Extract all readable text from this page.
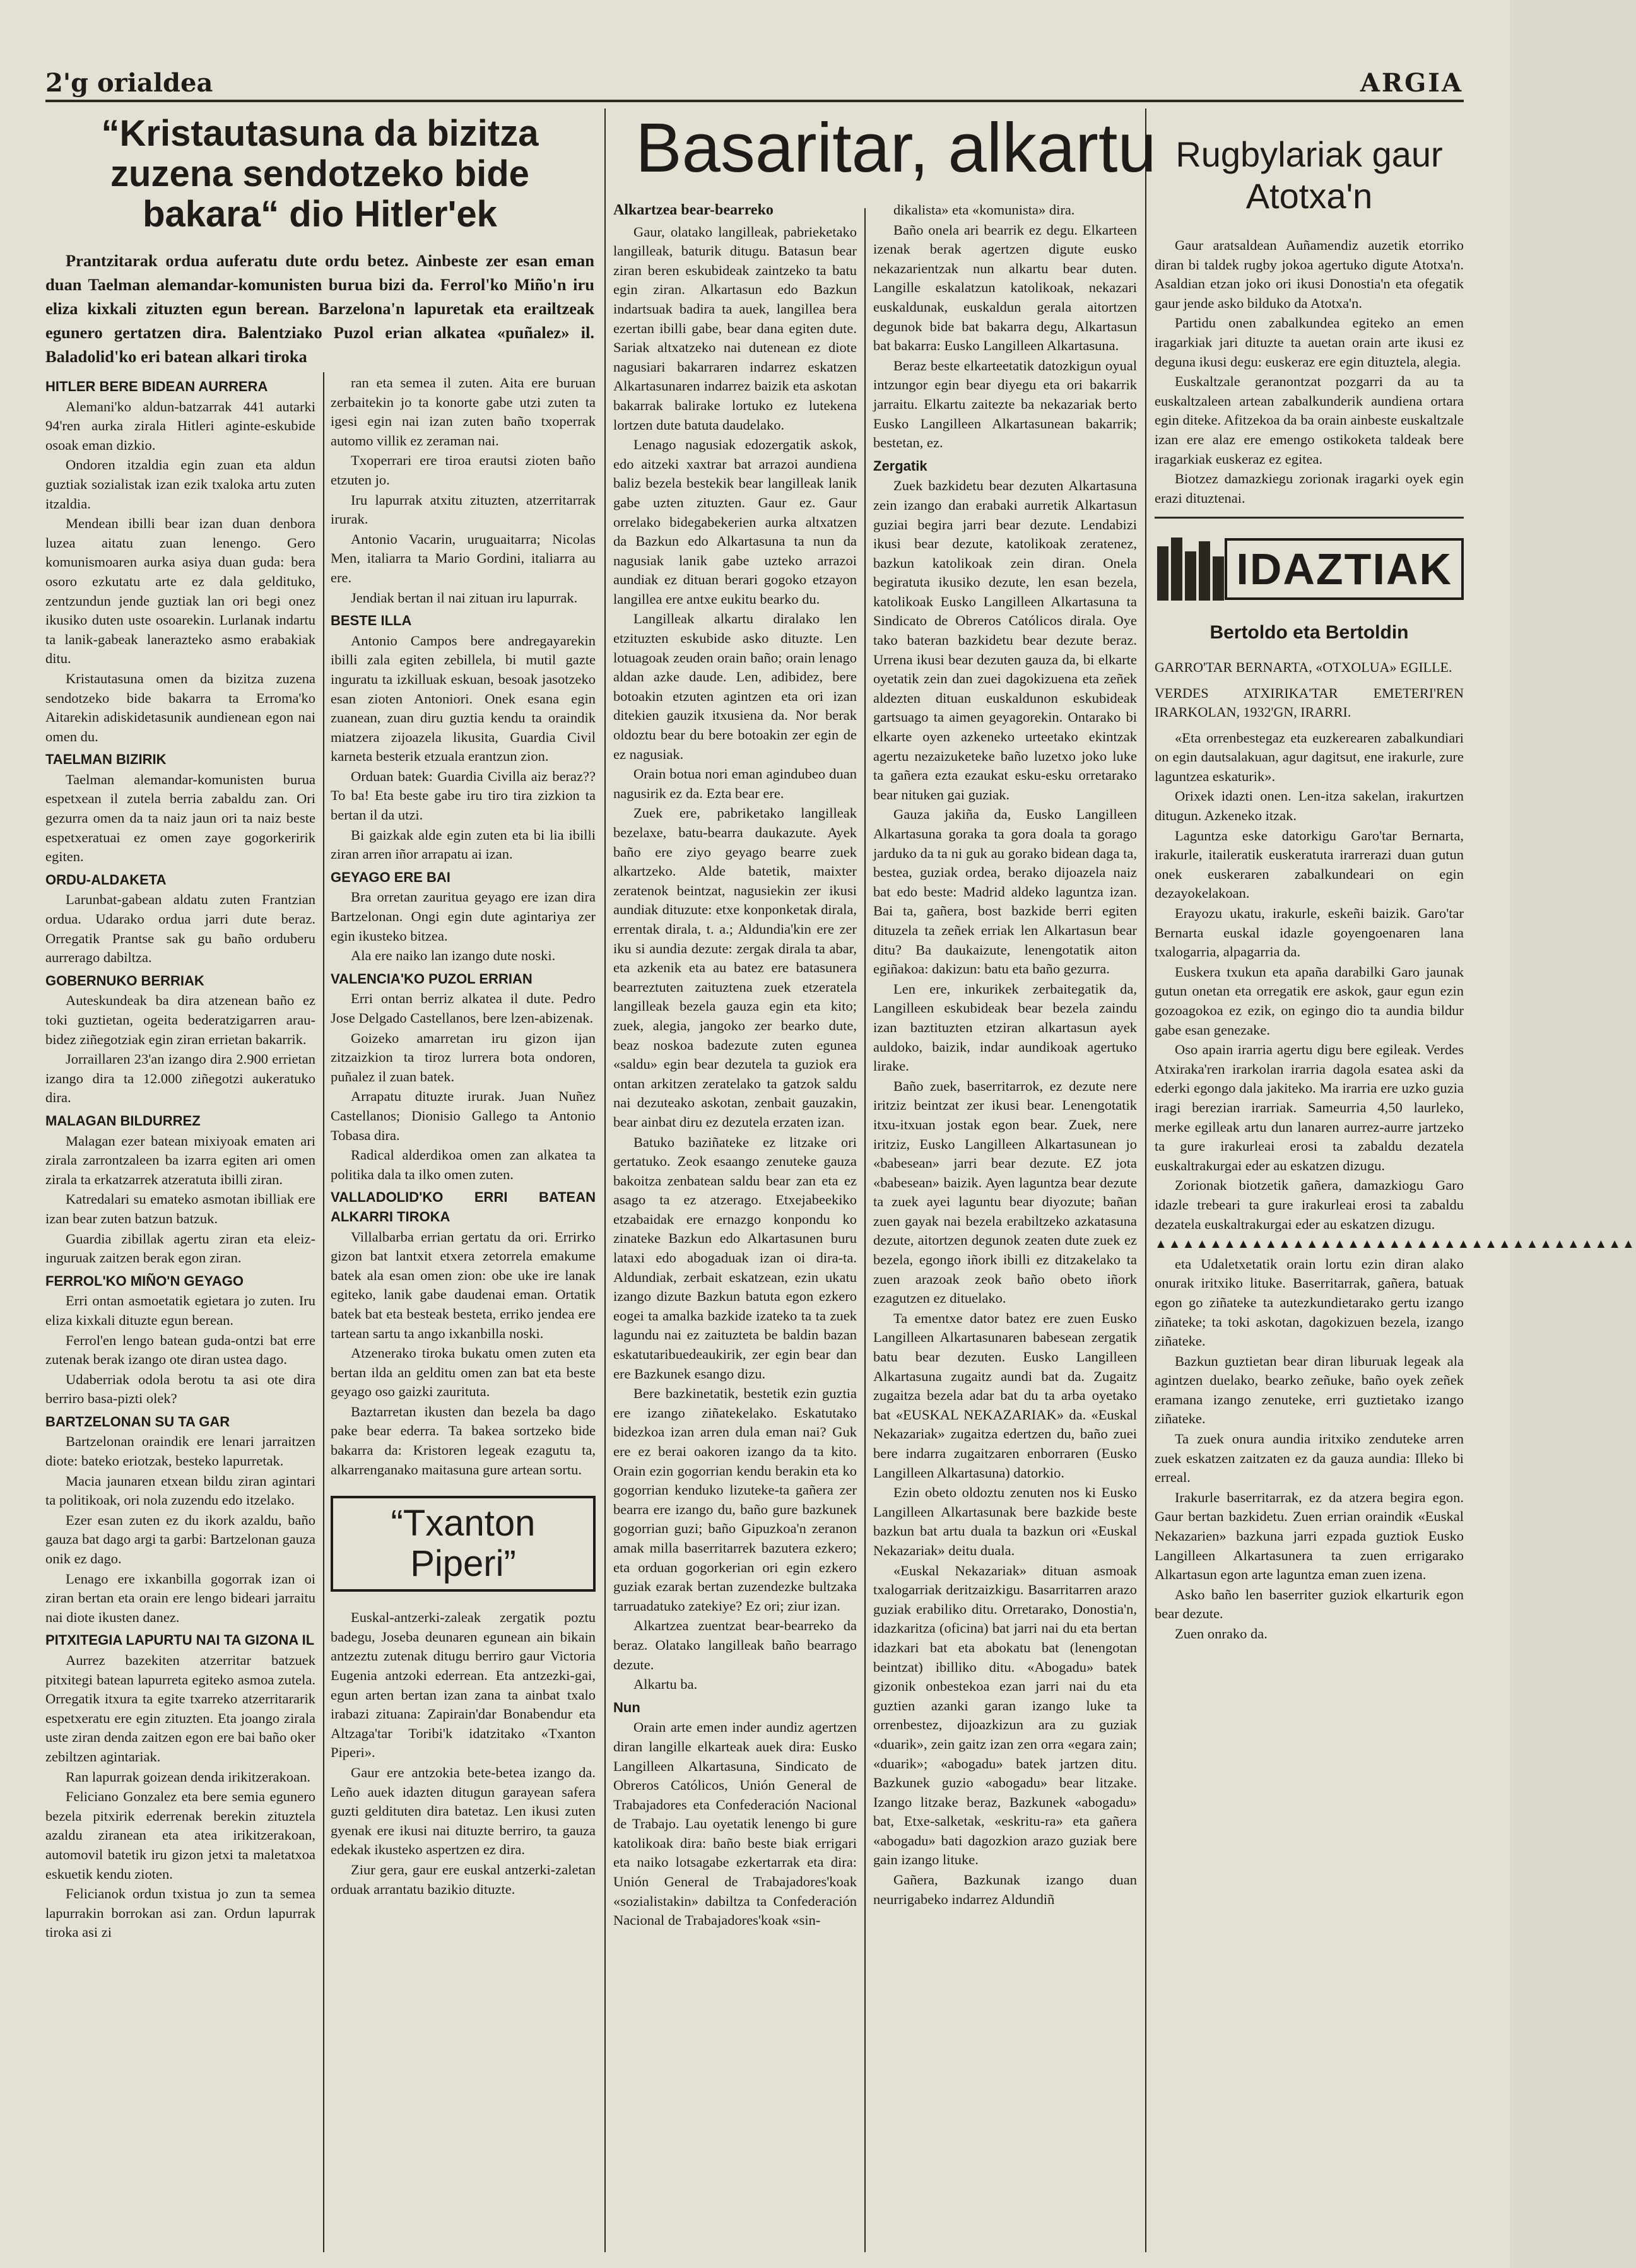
2'g orialdea	ARGIA
“Kristautasuna da bizitza zuzena sendotzeko bide bakara“ dio Hitler'ek
Prantzitarak ordua auferatu dute ordu betez. Ainbeste zer esan eman duan Taelman alemandar-komunisten burua bizi da. Ferrol'ko Miño'n iru eliza kixkali zituzten egun berean. Barzelona'n lapuretak eta erailtzeak egunero gertatzen dira. Balentziako Puzol erian alkatea «puñalez» il. Baladolid'ko eri batean alkari tiroka

HITLER BERE BIDEAN AURRERA

Alemani'ko aldun-batzarrak 441 autarki 94'ren aurka zirala Hitleri aginte-eskubide osoak eman dizkio.

Ondoren itzaldia egin zuan eta aldun guztiak sozialistak izan ezik txaloka artu zuten itzaldia.

Mendean ibilli bear izan duan denbora luzea aitatu zuan lenengo. Gero komunismoaren aurka asiya duan guda: bera osoro ezkutatu arte ez dala geldituko, zentzundun jende guztiak lan ori begi onez ikusiko duten uste osoarekin. Lurlanak indartu ta lanik-gabeak lanerazteko asmo erabakiak ditu.

Kristautasuna omen da bizitza zuzena sendotzeko bide bakarra ta Erroma'ko Aitarekin adiskidetasunik aundienean egon nai omen du.

TAELMAN BIZIRIK

Taelman alemandar-komunisten burua espetxean il zutela berria zabaldu zan. Ori gezurra omen da ta naiz jaun ori ta naiz beste espetxeratuai ez omen zaye gogorkeririk egiten.

ORDU-ALDAKETA

Larunbat-gabean aldatu zuten Frantzian ordua. Udarako ordua jarri dute beraz. Orregatik Prantse sak gu baño orduberu aurrerago dabiltza.

GOBERNUKO BERRIAK

Auteskundeak ba dira atzenean baño ez toki guztietan, ogeita bederatzigarren arau-bidez ziñegotziak egin ziran errietan bakarrik.

Jorraillaren 23'an izango dira 2.900 errietan izango dira ta 12.000 ziñegotzi aukeratuko dira.

MALAGAN BILDURREZ

Malagan ezer batean mixiyoak ematen ari zirala zarrontzaleen ba izarra egiten ari omen zirala ta erkatzarrek atzeratuta ibilli ziran.

Katredalari su emateko asmotan ibilliak ere izan bear zuten batzun batzuk.

Guardia zibillak agertu ziran eta eleiz-inguruak zaitzen berak egon ziran.

FERROL'KO MIÑO'N GEYAGO

Erri ontan asmoetatik egietara jo zuten. Iru eliza kixkali dituzte egun berean.

Ferrol'en lengo batean guda-ontzi bat erre zutenak berak izango ote diran ustea dago.

Udaberriak odola berotu ta asi ote dira berriro basa-pizti olek?

BARTZELONAN SU TA GAR

Bartzelonan oraindik ere lenari jarraitzen diote: bateko eriotzak, besteko lapurretak.

Macia jaunaren etxean bildu ziran agintari ta politikoak, ori nola zuzendu edo itzelako.

Ezer esan zuten ez du ikork azaldu, baño gauza bat dago argi ta garbi: Bartzelonan gauza onik ez dago.

Lenago ere ixkanbilla gogorrak izan oi ziran bertan eta orain ere lengo bideari jarraitu nai diote ikusten danez.

PITXITEGIA LAPURTU NAI TA GIZONA IL

Aurrez bazekiten atzerritar batzuek pitxitegi batean lapurreta egiteko asmoa zutela. Orregatik itxura ta egite txarreko atzerritararik espetxeratu ere egin zituzten. Eta joango zirala uste ziran denda zaitzen egon ere bai baño oker zebiltzen agintariak.

Ran lapurrak goizean denda irikitzerakoan.

Feliciano Gonzalez eta bere semia egunero bezela pitxirik ederrenak berekin zituztela azaldu ziranean eta atea irikitzerakoan, automovil batetik iru gizon jetxi ta maletatxoa eskuetik kendu zioten.

Felicianok ordun txistua jo zun ta semea lapurrakin borrokan asi zan. Ordun lapurrak tiroka asi zi

ran eta semea il zuten. Aita ere buruan zerbaitekin jo ta konorte gabe utzi zuten ta igesi egin nai izan zuten baño txoperrak automo villik ez zeraman nai.

Txoperrari ere tiroa erautsi zioten baño etzuten jo.

Iru lapurrak atxitu zituzten, atzerritarrak irurak.

Antonio Vacarin, uruguaitarra; Nicolas Men, italiarra ta Mario Gordini, italiarra au ere.

Jendiak bertan il nai zituan iru lapurrak.

BESTE ILLA

Antonio Campos bere andregayarekin ibilli zala egiten zebillela, bi mutil gazte inguratu ta izkilluak eskuan, besoak jasotzeko esan zioten Antoniori. Onek esana egin zuanean, zuan diru guztia kendu ta oraindik miatzera zijoazela likusita, Guardia Civil karneta besterik etzuala erantzun zion.

Orduan batek: Guardia Civilla aiz beraz?? To ba! Eta beste gabe iru tiro tira zizkion ta bertan il da utzi.

Bi gaizkak alde egin zuten eta bi lia ibilli ziran arren iñor arrapatu ai izan.

GEYAGO ERE BAI

Bra orretan zauritua geyago ere izan dira Bartzelonan. Ongi egin dute agintariya zer egin ikusteko bitzea.

Ala ere naiko lan izango dute noski.

VALENCIA'KO PUZOL ERRIAN

Erri ontan berriz alkatea il dute. Pedro Jose Delgado Castellanos, bere lzen-abizenak.

Goizeko amarretan iru gizon ijan zitzaizkion ta tiroz lurrera bota ondoren, puñalez il zuan batek.

Arrapatu dituzte irurak. Juan Nuñez Castellanos; Dionisio Gallego ta Antonio Tobasa dira.

Radical alderdikoa omen zan alkatea ta politika dala ta ilko omen zuten.

VALLADOLID'KO ERRI BATEAN ALKARRI TIROKA

Villalbarba errian gertatu da ori. Errirko gizon bat lantxit etxera zetorrela emakume batek ala esan omen zion: obe uke ire lanak egiteko, lanik gabe daudenai eman. Ortatik batek bat eta besteak besteta, erriko jendea ere tartean sartu ta ango ixkanbilla noski.

Atzenerako tiroka bukatu omen zuten eta bertan ilda an gelditu omen zan bat eta beste geyago oso gaizki zaurituta.

Baztarretan ikusten dan bezela ba dago pake bear ederra. Ta bakea sortzeko bide bakarra da: Kristoren legeak ezagutu ta, alkarrenganako maitasuna gure artean sortu.

“Txanton Piperi”

Euskal-antzerki-zaleak zergatik poztu badegu, Joseba deunaren egunean ain bikain antzeztu zutenak ditugu berriro gaur Victoria Eugenia antzoki ederrean. Eta antzezki-gai, egun arten bertan izan zana ta ainbat txalo irabazi zituana: Zapirain'dar Bonabendur eta Altzaga'tar Toribi'k idatzitako «Txanton Piperi».

Gaur ere antzokia bete-betea izango da. Leño auek idazten ditugun garayean safera guzti geldituten dira batetaz. Len ikusi zuten gyenak ere ikusi nai dituzte berriro, ta gauza edekak ikusteko aspertzen ez dira.

Ziur gera, gaur ere euskal antzerki-zaletan orduak arrantatu bazikio dituzte.

Basaritar, alkartu

Alkartzea bear-bearreko

Gaur, olatako langilleak, pabrieketako langilleak, baturik ditugu. Batasun bear ziran beren eskubideak zaintzeko ta batu egin ziran. Alkartasun edo Bazkun indartsuak badira ta auek, langillea bera ezertan ibilli gabe, bear dana egiten dute. Sariak altxatzeko nai dutenean ez diote nagusiari bakarraren indarrez eskatzen Alkartasunaren indarrez baizik eta askotan bakarrak balirake lortuko ez lutekena lortzen dute batuta daudelako.

Lenago nagusiak edozergatik askok, edo aitzeki xaxtrar bat arrazoi aundiena baliz bezela bestekik bear langilleak lanik gabe uzten zituzten. Gaur ez. Gaur orrelako bidegabekerien aurka altxatzen da Bazkun edo Alkartasuna ta nun da nagusiak lanik gabe uzteko arrazoi aundiak ez dituan berari gogoko etzayon langillea ere antxe eukitu bearko du.

Langilleak alkartu diralako len etzituzten eskubide asko dituzte. Len lotuagoak zeuden orain baño; orain lenago aldan azke daude. Len, adibidez, bere botoakin etzuten agintzen eta ori izan ditekien gauzik itxusiena da. Nor berak oldoztu bear du bere botoakin zer egin de ez nagusiak.

Orain botua nori eman agindubeo duan nagusirik ez da. Ezta bear ere.

Zuek ere, pabriketako langilleak bezelaxe, batu-bearra daukazute. Ayek baño ere ziyo geyago bearre zuek alkartzeko. Alde batetik, maixter zeratenok beintzat, nagusiekin zer ikusi aundiak dituzute: etxe konponketak dirala, errentak dirala, t. a.; Aldundia'kin ere zer iku si aundia dezute: zergak dirala ta abar, eta azkenik eta au batez ere batasunera bearreztuten zaituztena zuek etzeratela langilleak bezela gauza egin eta kito; zuek, alegia, jangoko zer bearko dute, beaz noskoa badezute zuten egunea «saldu» egin bear dezutela ta guziok era ontan arkitzen zeratelako ta gatzok saldu nai dezuteako askotan, zenbait gauzakin, bear ainbat diru ez dezutela erzaten izan.

Batuko baziñateke ez litzake ori gertatuko. Zeok esaango zenuteke gauza bakoitza zenbatean saldu bear zan eta ez asago ta ez atzerago. Etxejabeekiko etzabaidak ere ernazgo konpondu ko zinateke Bazkun edo Alkartasunen buru lataxi edo abogaduak izan oi dira-ta. Aldundiak, zerbait eskatzean, ezin ukatu izango dizute Bazkun batuta egon ezkero eogei ta amalka bazkide izateko ta ta zuek lagundu nai ez zaituzteta be baldin bazan eskatutaribuedeaukirik, zer egin bear dan ere Bazkunek esango dizu.

Bere bazkinetatik, bestetik ezin guztia ere izango ziñatekelako. Eskatutako bidezkoa izan arren dula eman nai? Guk ere ez berai oakoren izango da ta kito. Orain ezin gogorrian kendu berakin eta ko gogorrian kenduko lizuteke-ta gañera zer bearra ere izango du, baño gure bazkunek gogorrian guzi; baño Gipuzkoa'n zeranon amak milla baserritarrek bazutera ezkero; eta orduan gogorkerian ori egin ezkero guziak ezarak bertan zuzendezke bultzaka tarruadatuko zatekiye? Ez ori; ziur izan.

Alkartzea zuentzat bear-bearreko da beraz. Olatako langilleak baño bearrago dezute.

Alkartu ba.

Nun

Orain arte emen inder aundiz agertzen diran langille elkarteak auek dira: Eusko Langilleen Alkartasuna, Sindicato de Obreros Católicos, Unión General de Trabajadores eta Confederación Nacional de Trabajo. Lau oyetatik lenengo bi gure katolikoak dira: baño beste biak errigari eta naiko lotsagabe ezkertarrak eta dira: Unión General de Trabajadores'koak «sozialistakin» dabiltza ta Confederación Nacional de Trabajadores'koak «sin-

dikalista» eta «komunista» dira.

Baño onela ari bearrik ez degu. Elkarteen izenak berak agertzen digute eusko nekazarientzak nun alkartu bear duten. Langille eskalatzun katolikoak, nekazari euskaldunak, euskaldun gerala aitortzen degunok bide bat bakarra degu, Alkartasun bat bakarra: Eusko Langilleen Alkartasuna.

Beraz beste elkarteetatik datozkigun oyual intzungor egin bear diyegu eta ori bakarrik jarraitu. Elkartu zaitezte ba nekazariak berto Eusko Langilleen Alkartasunean bakarrik; bestetan, ez.

Zergatik

Zuek bazkidetu bear dezuten Alkartasuna zein izango dan erabaki aurretik Alkartasun guziai begira jarri bear dezute. Lendabizi ikusi bear dezute, katolikoak zeratenez, bazkun katolikoak zein diran. Onela begiratuta ikusiko dezute, len esan bezela, katolikoak Eusko Langilleen Alkartasuna ta Sindicato de Obreros Católicos dirala. Oye tako bateran bazkidetu bear dezute beraz. Urrena ikusi bear dezuten gauza da, bi elkarte oyetatik zein dan zuei dagokizuena eta zeñek aldezten dituan euskaldunon eskubideak gartsuago ta aimen geyagorekin. Ontarako bi elkarte oyen azkeneko urteetako ekintzak agertu nezaizuketeke baño luzetxo joko luke ta gañera ezta ezaukat esku-esku orretarako bear nituken gai guziak.

Gauza jakiña da, Eusko Langilleen Alkartasuna goraka ta gora doala ta gorago jarduko da ta ni guk au gorako bidean daga ta, bestea, guziak ordea, berako dijoazela naiz bat edo beste: Madrid aldeko laguntza izan. Bai ta, gañera, bost bazkide berri egiten dituzela ta zeñek erriak len Alkartasun bear ditu? Ba daukaizute, lenengotatik aiton egiñakoa: dakizun: batu eta baño gezurra.

Len ere, inkurikek zerbaitegatik da, Langilleen eskubideak bear bezela zaindu izan baztituzten etziran alkartasun ayek auldoko, baizik, indar aundikoak agertuko lirake.

Baño zuek, baserritarrok, ez dezute nere iritziz beintzat zer ikusi bear. Lenengotatik itxu-itxuan jostak egon bear. Zuek, nere iritziz, Eusko Langilleen Alkartasunean jo «babesean» jarri bear dezute. EZ jota «babesean» baizik. Ayen laguntza bear dezute ta zuek ayei laguntu bear diyozute; bañan zuen gayak nai bezela erabiltzeko azkatasuna dezute, aitortzen degunok zeaten dute zuek ez bezela, egongo iñork ibilli ez ditzakelako ta zuen arazoak zeok baño obeto iñork ezagutzen ez dituelako.

Ta ementxe dator batez ere zuen Eusko Langilleen Alkartasunaren babesean zergatik batu bear dezuten. Eusko Langilleen Alkartasuna zugaitz aundi bat da. Zugaitz zugaitza bezela adar bat du ta arba oyetako bat «EUSKAL NEKAZARIAK» da. «Euskal Nekazariak» zugaitza edertzen du, baño zuei bere indarra zugaitzaren enborraren (Eusko Langilleen Alkartasuna) datorkio.

Ezin obeto oldoztu zenuten nos ki Eusko Langilleen Alkartasunak bere bazkide beste bazkun bat artu duala ta bazkun ori «Euskal Nekazariak» deitu duala.

«Euskal Nekazariak» dituan asmoak txalogarriak deritzaizkigu. Basarritarren arazo guziak erabiliko ditu. Orretarako, Donostia'n, idazkaritza (oficina) bat jarri nai du eta bertan idazkari bat eta abokatu bat (lenengotan beintzat) ibilliko ditu. «Abogadu» batek gizonik onbestekoa ezan jarri nai du eta guztien azanki garan izango luke ta orrenbestez, dijoazkizun ara zu guziak «duarik», zein gaitz izan zen orra «egara zain; «duarik»; «abogadu» batek jartzen ditu. Bazkunek guzio «abogadu» bear litzake. Izango litzake beraz, Bazkunek «abogadu» bat, Etxe-salketak, «eskritu-ra» eta gañera «abogadu» bati dagozkion arazo guziak bere gain izango lituke.

Gañera, Bazkunak izango duan neurrigabeko indarrez Aldundiñ

Rugbylariak gaur Atotxa'n

Gaur aratsaldean Auñamendiz auzetik etorriko diran bi taldek rugby jokoa agertuko digute Atotxa'n. Asaldian etzan joko ori ikusi Donostia'n eta ofegatik gaur jende asko bilduko da Atotxa'n.

Partidu onen zabalkundea egiteko an emen iragarkiak jari dituzte ta auetan orain arte ikusi ez deguna ikusi degu: euskeraz ere egin dituztela, alegia.

Euskaltzale geranontzat pozgarri da au ta euskaltzaleen artean zabalkunderik aundiena ortara egin diteke. Afitzekoa da ba orain ainbeste euskaltzale izan ere alaz ere emengo ostikoketa taldeak bere iragarkiak euskeraz ez egitea.

Biotzez damazkiegu zorionak iragarki oyek egin erazi dituztenai.

IDAZTIAK
Bertoldo eta Bertoldin

GARRO'TAR BERNARTA, «OTXOLUA» EGILLE.

VERDES ATXIRIKA'TAR EMETERI'REN IRARKOLAN, 1932'GN, IRARRI.

«Eta orrenbestegaz eta euzkerearen zabalkundiari on egin dautsalakuan, agur dagitsut, ene irakurle, zure laguntzea eskaturik».

Orixek idazti onen. Len-itza sakelan, irakurtzen ditugun. Azkeneko itzak.

Laguntza eske datorkigu Garo'tar Bernarta, irakurle, itaileratik euskeratuta irarrerazi duan gutun onek euskeraren zabalkundeari on egin dezayokelakoan.

Erayozu ukatu, irakurle, eskeñi baizik. Garo'tar Bernarta euskal idazle goyengoenaren lana txalogarria, alpagarria da.

Euskera txukun eta apaña darabilki Garo jaunak gutun onetan eta orregatik ere askok, gaur egun ezin gozoagokoa ez ezik, on egingo dio ta aundia bildur gabe esan genezake.

Oso apain irarria agertu digu bere egileak. Verdes Atxiraka'ren irarkolan irarria dagola esatea aski da ederki egongo dala jakiteko. Ma irarria ere uzko guzia iragi berezian irarriak. Sameurria 4,50 laurleko, merke egilleak artu dun lanaren aurrez-aurre jartzeko ta gure irakurleai erosi ta zabaldu dezatela euskaltrakurgai eder au eskatzen dizugu.

Zorionak biotzetik gañera, damazkiogu Garo idazle trebeari ta gure irakurleai erosi ta zabaldu dezatela euskaltrakurgai eder au eskatzen dizugu.

▲▲▲▲▲▲▲▲▲▲▲▲▲▲▲▲▲▲▲▲▲▲▲▲▲▲▲▲▲▲▲▲▲▲▲

eta Udaletxetatik orain lortu ezin diran alako onurak iritxiko lituke. Baserritarrak, gañera, batuak egon go ziñateke ta autezkundietarako gertu izango ziñateke; ta toki askotan, dagokizuen bezela, izango ziñateke.

Bazkun guztietan bear diran liburuak legeak ala agintzen duelako, bearko zeñuke, baño oyek zeñek eramana izango zenuteke, erri guztietako izango ziñateke.

Ta zuek onura aundia iritxiko zenduteke arren zuek eskatzen zaitzaten ez da gauza aundia: Illeko bi erreal.

Irakurle baserritarrak, ez da atzera begira egon. Gaur bertan bazkidetu. Zuen errian oraindik «Euskal Nekazarien» bazkuna jarri ezpada guztiok Eusko Langilleen Alkartasunera ta zuen errigarako Alkartasun egon arte laguntza eman zuen izena.

Asko baño len baserriter guziok elkarturik egon bear dezute.

Zuen onrako da.
